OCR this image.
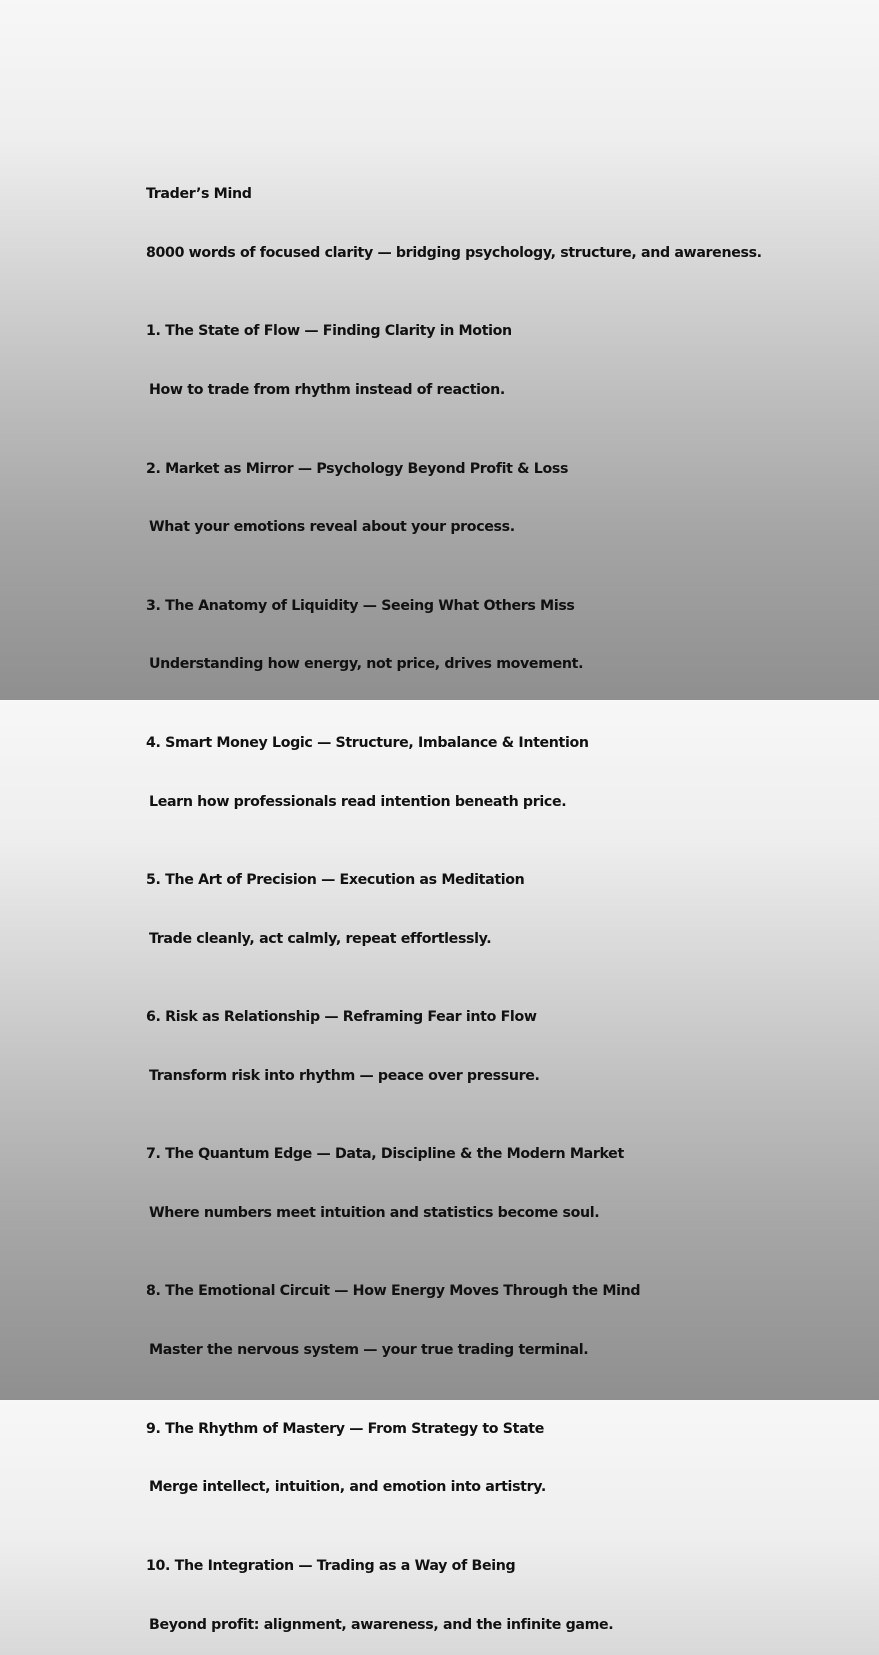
Trader’s Mind

8000 words of focused clarity — bridging psychology, structure, and awareness.

1. The State of Flow — Finding Clarity in Motion

How to trade from rhythm instead of reaction.

2. Market as Mirror — Psychology Beyond Profit & Loss

What your emotions reveal about your process.

3. The Anatomy of Liquidity — Seeing What Others Miss

Understanding how energy, not price, drives movement.

4. Smart Money Logic — Structure, Imbalance & Intention

Learn how professionals read intention beneath price.

5. The Art of Precision — Execution as Meditation

Trade cleanly, act calmly, repeat effortlessly.

6. Risk as Relationship — Reframing Fear into Flow

Transform risk into rhythm — peace over pressure.

7. The Quantum Edge — Data, Discipline & the Modern Market

Where numbers meet intuition and statistics become soul.

8. The Emotional Circuit — How Energy Moves Through the Mind

Master the nervous system — your true trading terminal.

9. The Rhythm of Mastery — From Strategy to State

Merge intellect, intuition, and emotion into artistry.

10. The Integration — Trading as a Way of Being

Beyond profit: alignment, awareness, and the infinite game.
